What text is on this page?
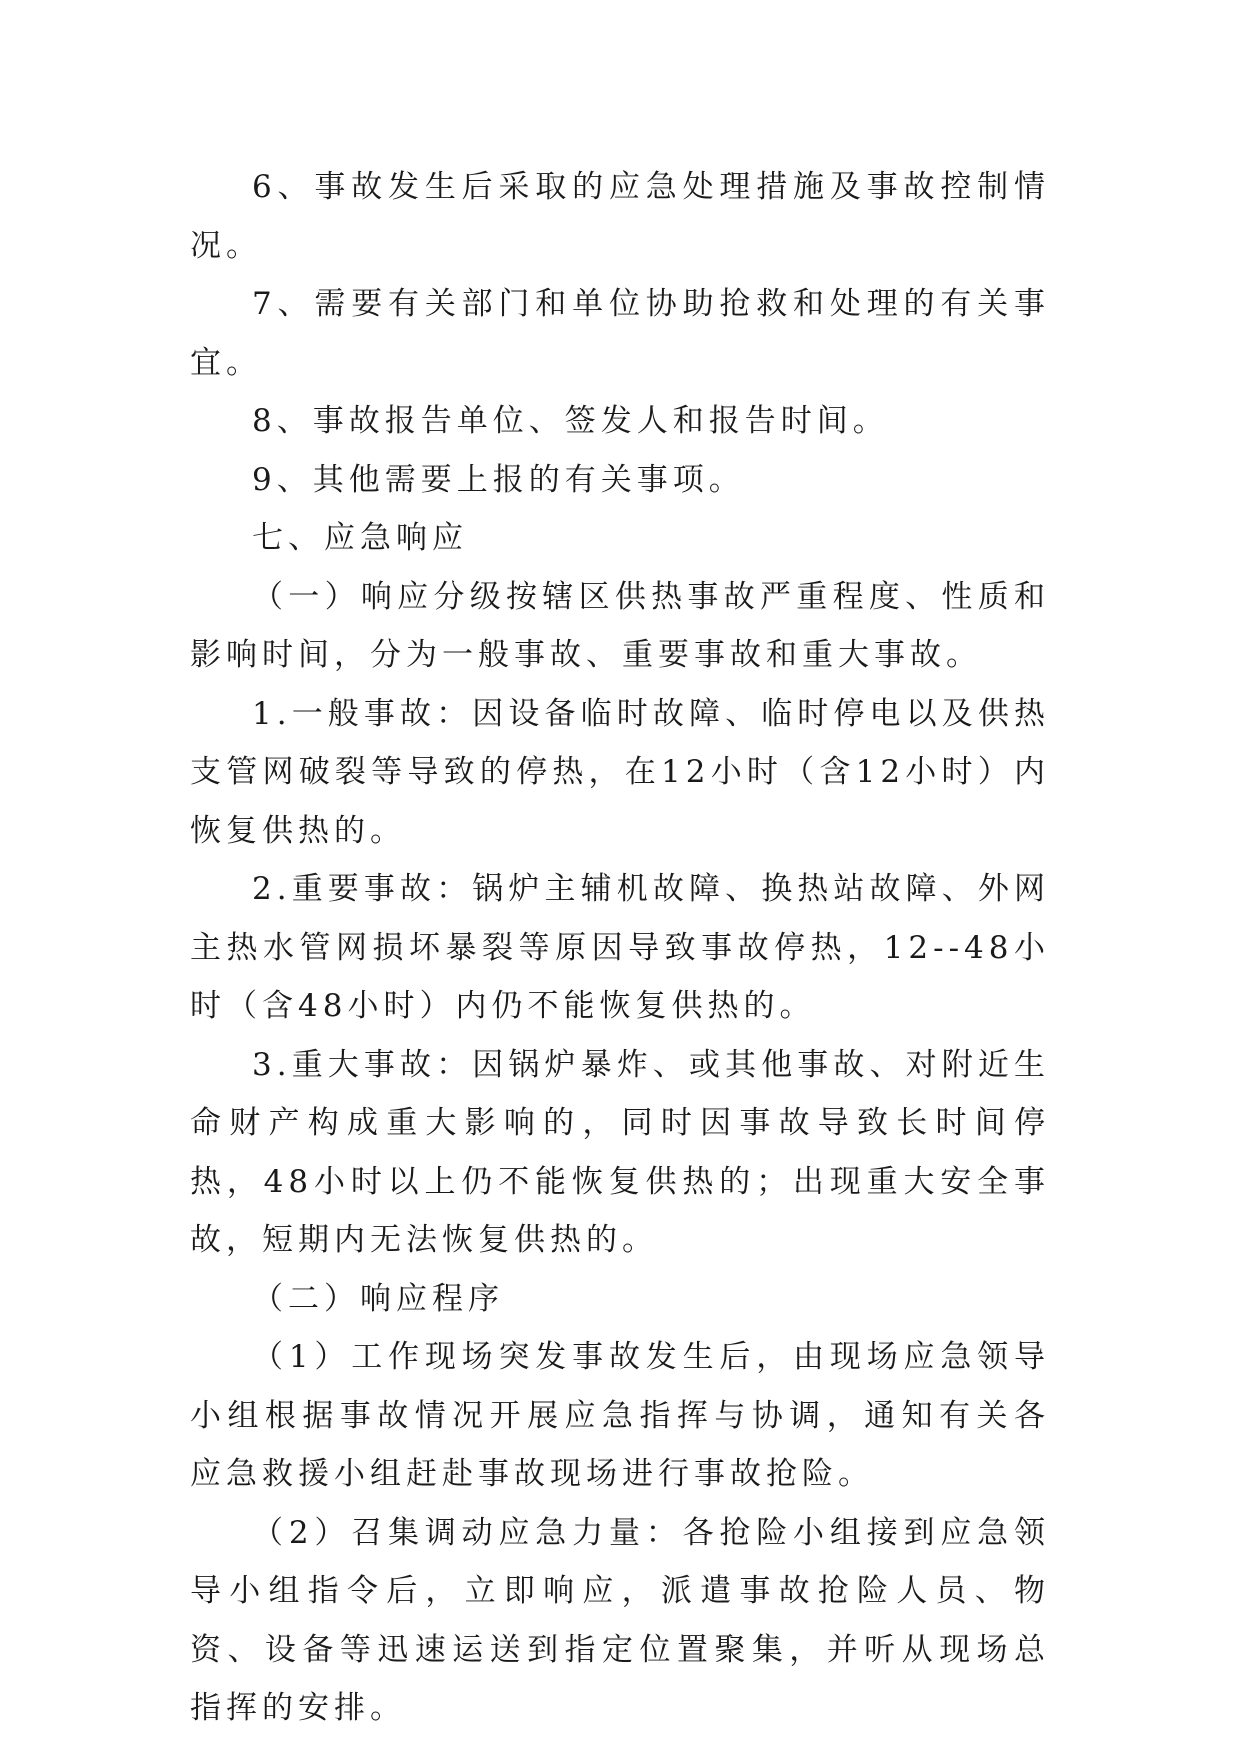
6、事故发生后采取的应急处理措施及事故控制情况。

7、需要有关部门和单位协助抢救和处理的有关事宜。

8、事故报告单位、签发人和报告时间。

9、其他需要上报的有关事项。

七、应急响应

（一）响应分级按辖区供热事故严重程度、性质和影响时间，分为一般事故、重要事故和重大事故。

1.一般事故：因设备临时故障、临时停电以及供热支管网破裂等导致的停热，在12小时（含12小时）内恢复供热的。

2.重要事故：锅炉主辅机故障、换热站故障、外网主热水管网损坏暴裂等原因导致事故停热，12--48小时（含48小时）内仍不能恢复供热的。

3.重大事故：因锅炉暴炸、或其他事故、对附近生命财产构成重大影响的，同时因事故导致长时间停热，48小时以上仍不能恢复供热的；出现重大安全事故，短期内无法恢复供热的。

（二）响应程序

（1）工作现场突发事故发生后，由现场应急领导小组根据事故情况开展应急指挥与协调，通知有关各应急救援小组赶赴事故现场进行事故抢险。

（2）召集调动应急力量：各抢险小组接到应急领导小组指令后，立即响应，派遣事故抢险人员、物资、设备等迅速运送到指定位置聚集，并听从现场总指挥的安排。
